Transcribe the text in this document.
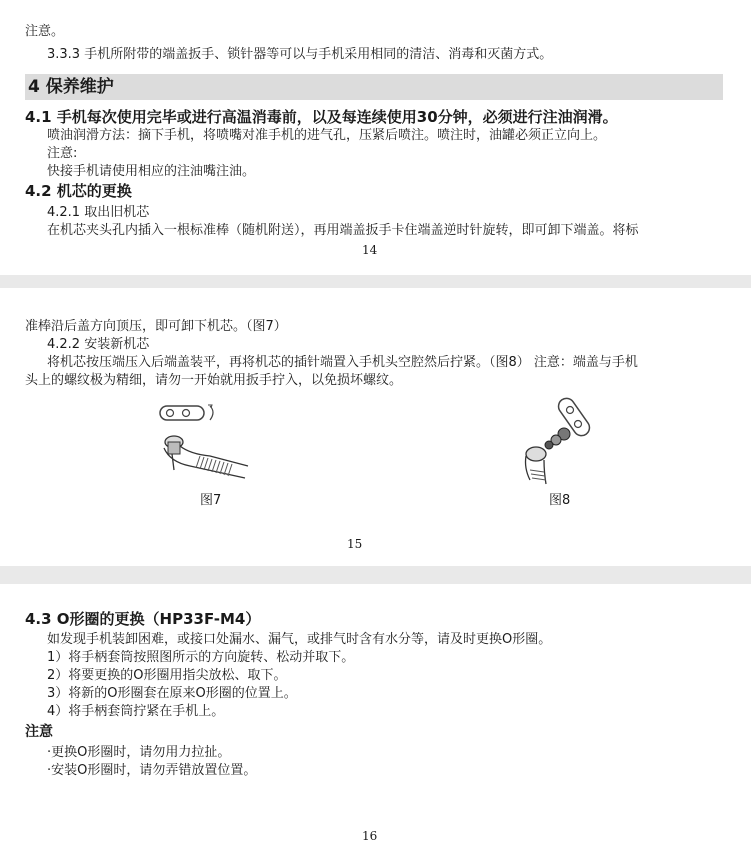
注意。
3.3.3 手机所附带的端盖扳手、锁针器等可以与手机采用相同的清洁、消毒和灭菌方式。
4 保养维护
4.1 手机每次使用完毕或进行高温消毒前，以及每连续使用30分钟，必须进行注油润滑。
喷油润滑方法：摘下手机，将喷嘴对准手机的进气孔，压紧后喷注。喷注时，油罐必须正立向上。
注意:
快接手机请使用相应的注油嘴注油。
4.2 机芯的更换
4.2.1 取出旧机芯
在机芯夹头孔内插入一根标准棒（随机附送），再用端盖扳手卡住端盖逆时针旋转，即可卸下端盖。将标
14
准棒沿后盖方向顶压，即可卸下机芯。（图7）
4.2.2 安装新机芯
将机芯按压端压入后端盖装平，再将机芯的插针端置入手机头空腔然后拧紧。（图8） 注意：端盖与手机
头上的螺纹极为精细，请勿一开始就用扳手拧入，以免损坏螺纹。
图7	图8
15
4.3 O形圈的更换（HP33F-M4）
如发现手机装卸困难，或接口处漏水、漏气，或排气时含有水分等，请及时更换O形圈。
1）将手柄套筒按照图所示的方向旋转、松动并取下。
2）将要更换的O形圈用指尖放松、取下。
3）将新的O形圈套在原来O形圈的位置上。
4）将手柄套筒拧紧在手机上。
注意
·更换O形圈时，请勿用力拉扯。
·安装O形圈时，请勿弄错放置位置。
16
